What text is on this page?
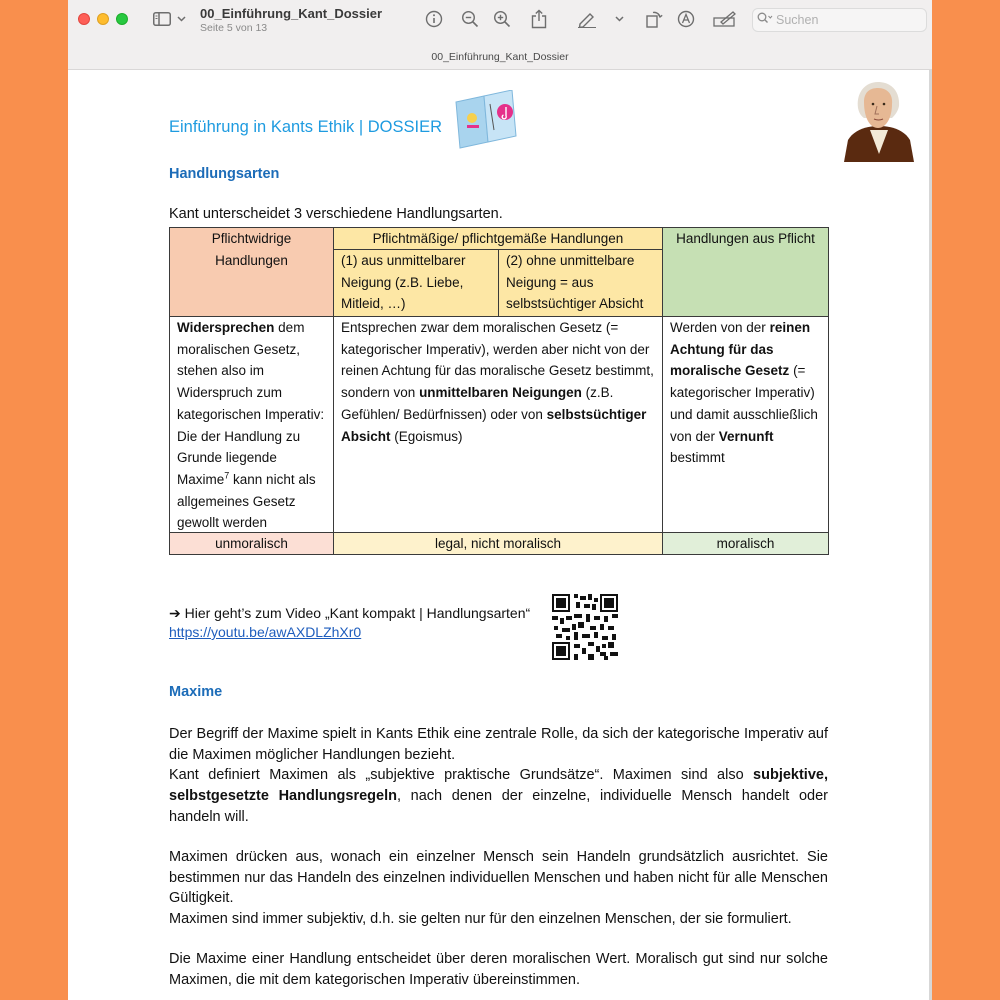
00_Einführung_Kant_Dossier
Seite 5 von 13
Suchen
00_Einführung_Kant_Dossier
Einführung in Kants Ethik | DOSSIER
Handlungsarten
Kant unterscheidet 3 verschiedene Handlungsarten.
Pflichtwidrige Handlungen
Pflichtmäßige/ pflichtgemäße Handlungen
(1) aus unmittelbarer Neigung (z.B. Liebe, Mitleid, …)
(2) ohne unmittelbare Neigung = aus selbstsüchtiger Absicht
Handlungen aus Pflicht
Widersprechen dem moralischen Gesetz, stehen also im Widerspruch zum kategorischen Imperativ: Die der Handlung zu Grunde liegende Maxime$^7$ kann nicht als allgemeines Gesetz gewollt werden
Entsprechen zwar dem moralischen Gesetz (= kategorischer Imperativ), werden aber nicht von der reinen Achtung für das moralische Gesetz bestimmt, sondern von unmittelbaren Neigungen (z.B. Gefühlen/ Bedürfnissen) oder von selbstsüchtiger Absicht (Egoismus)
Werden von der reinen Achtung für das moralische Gesetz (= kategorischer Imperativ) und damit ausschließlich von der Vernunft bestimmt
unmoralisch	legal, nicht moralisch	moralisch
➔ Hier geht’s zum Video „Kant kompakt | Handlungsarten“
https://youtu.be/awAXDLZhXr0
Maxime
Der Begriff der Maxime spielt in Kants Ethik eine zentrale Rolle, da sich der kategorische Imperativ auf die Maximen möglicher Handlungen bezieht.
Kant definiert Maximen als „subjektive praktische Grundsätze“. Maximen sind also subjektive, selbstgesetzte Handlungsregeln, nach denen der einzelne, individuelle Mensch handelt oder handeln will.
Maximen drücken aus, wonach ein einzelner Mensch sein Handeln grundsätzlich ausrichtet. Sie bestimmen nur das Handeln des einzelnen individuellen Menschen und haben nicht für alle Menschen Gültigkeit.
Maximen sind immer subjektiv, d.h. sie gelten nur für den einzelnen Menschen, der sie formuliert.
Die Maxime einer Handlung entscheidet über deren moralischen Wert. Moralisch gut sind nur solche Maximen, die mit dem kategorischen Imperativ übereinstimmen.
